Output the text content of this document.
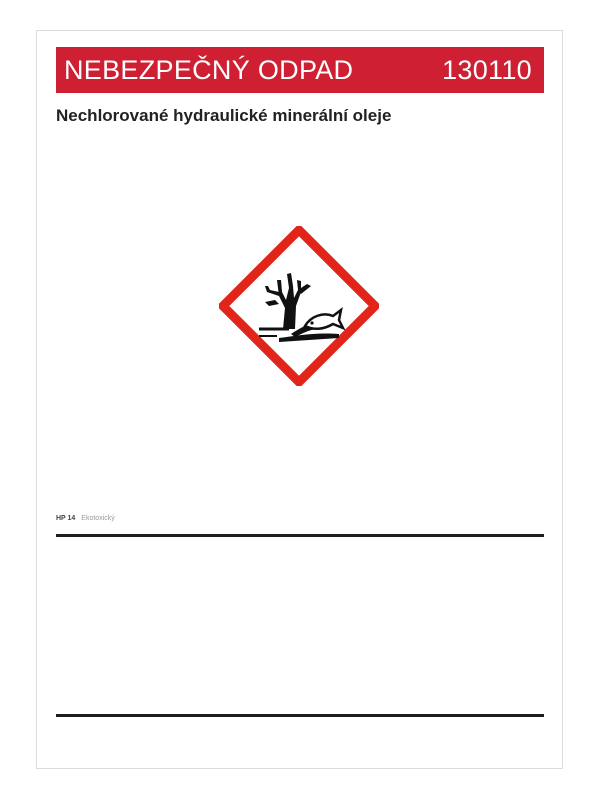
NEBEZPEČNÝ ODPAD	130110
Nechlorované hydraulické minerální oleje
HP 14 Ekotoxický
